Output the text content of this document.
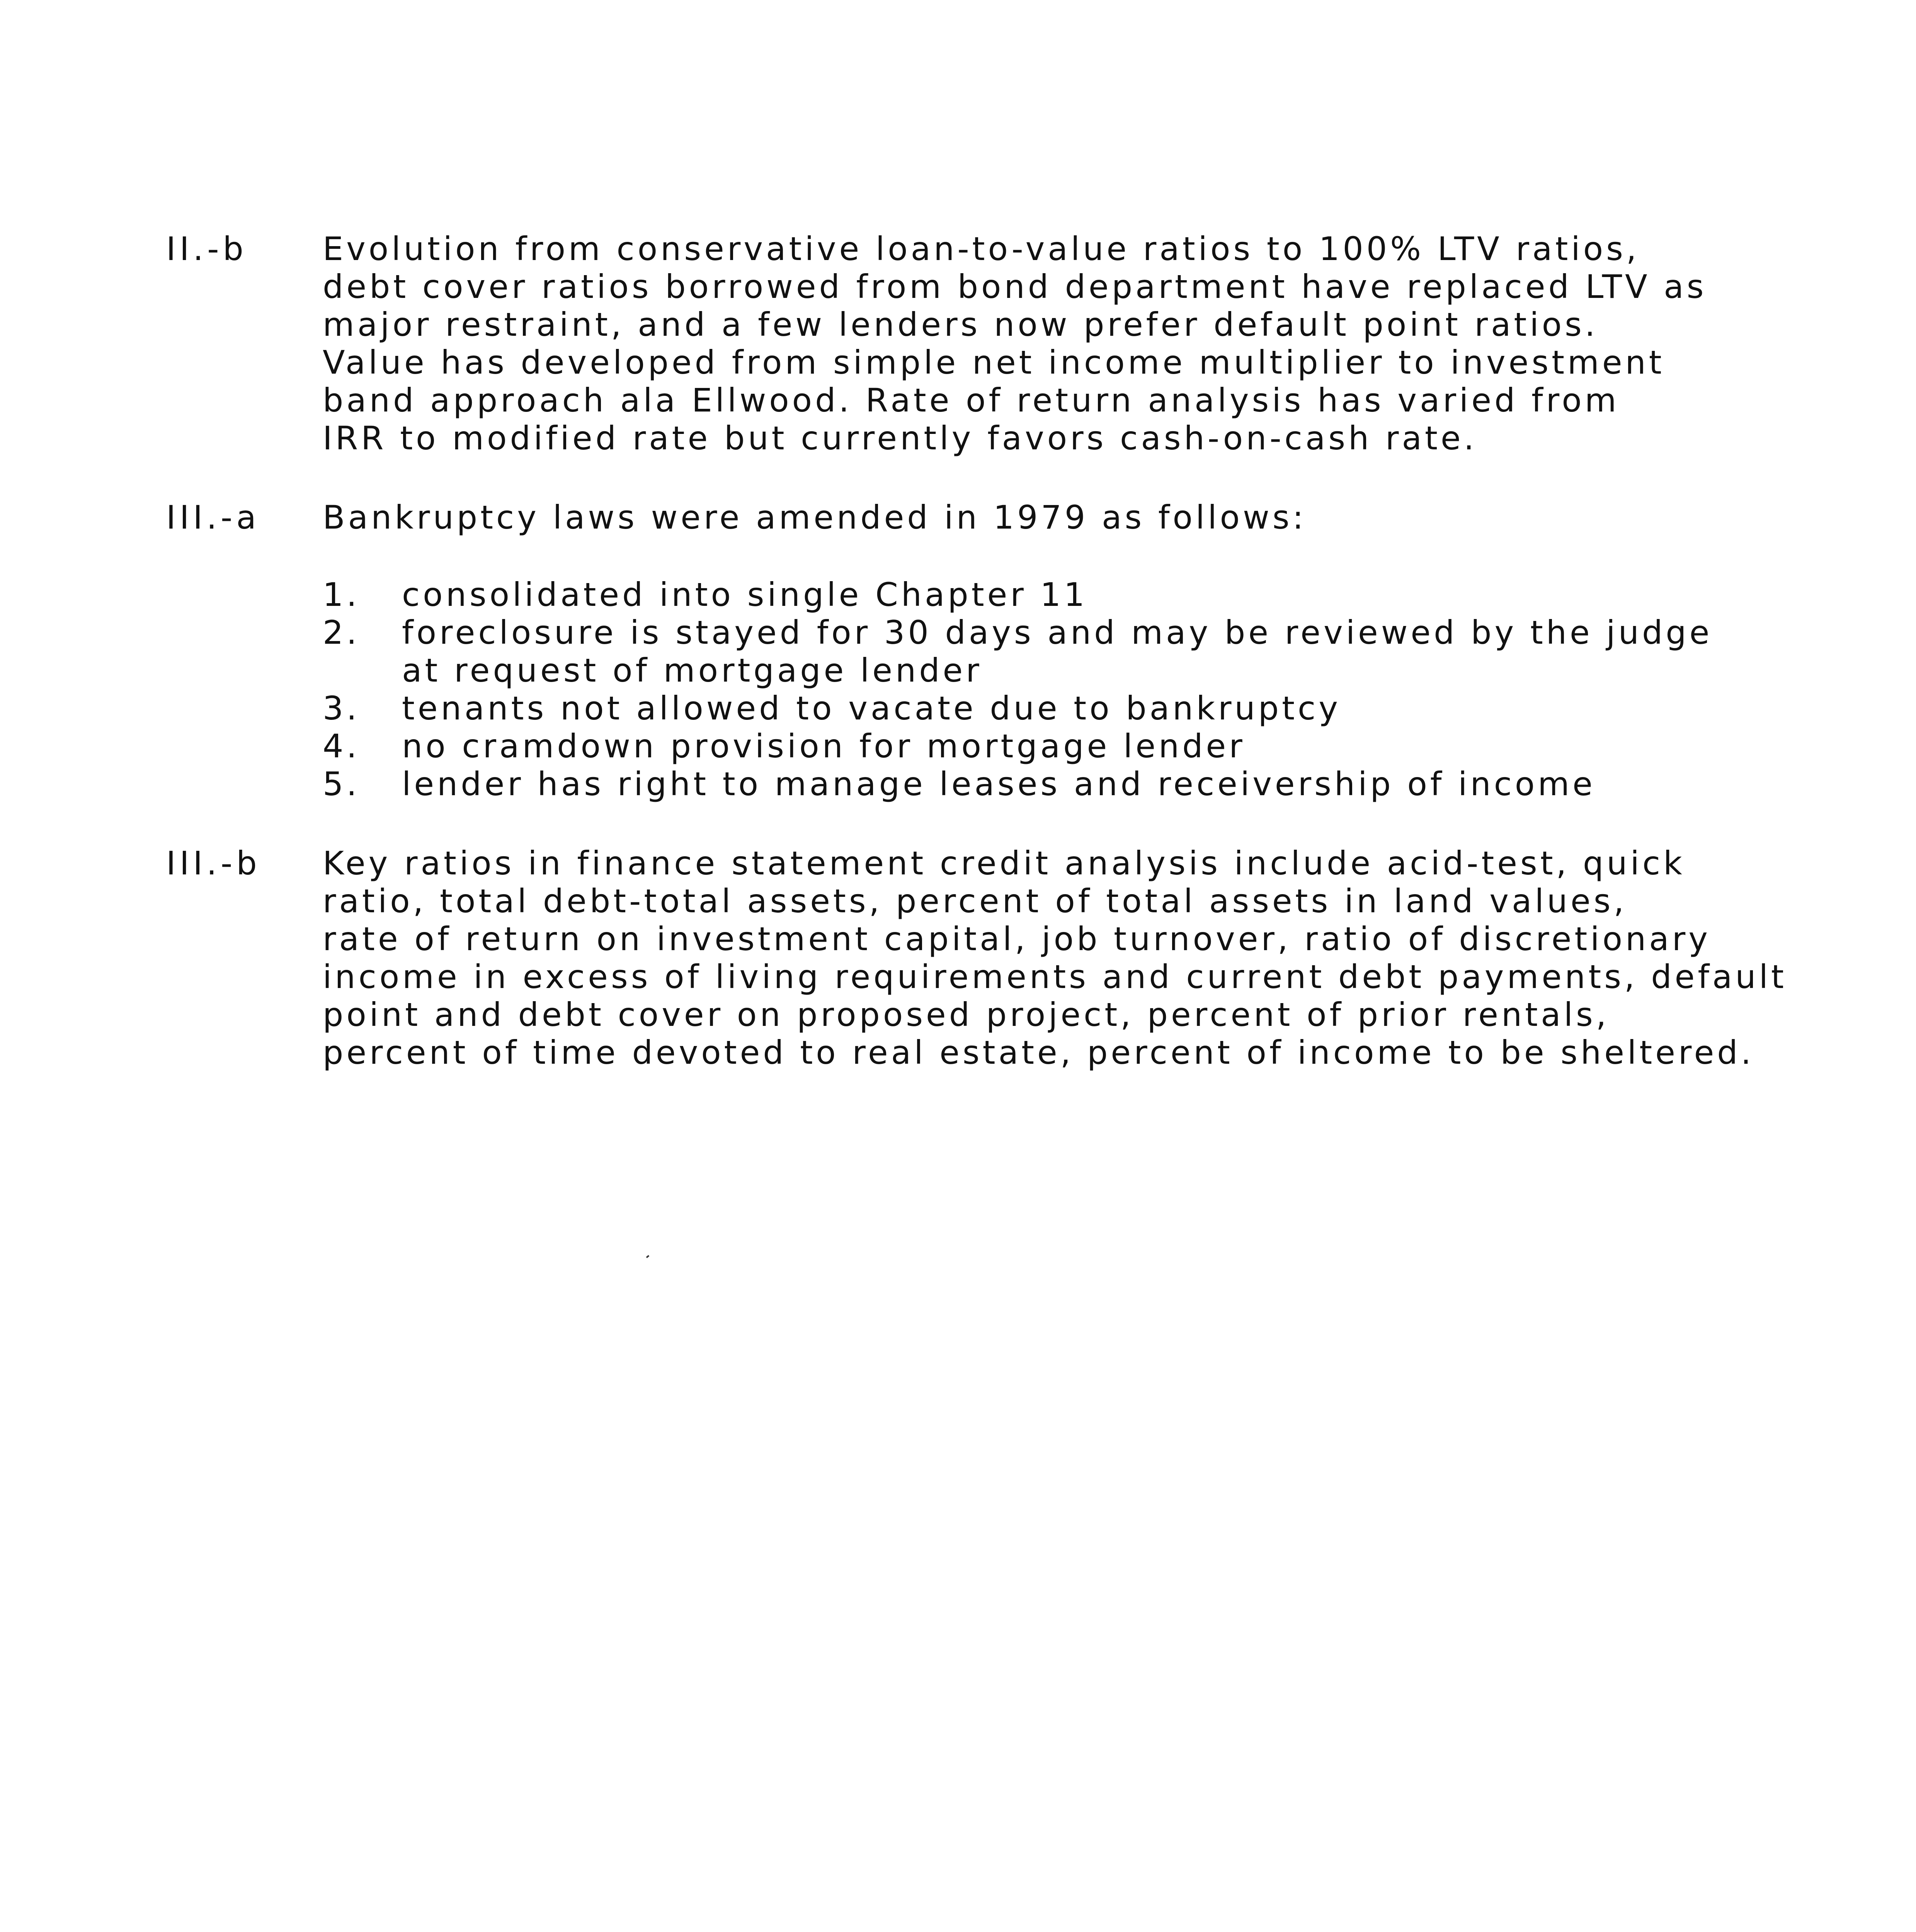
II.-b Evolution from conservative loan-to-value ratios to 100% LTV ratios,
debt cover ratios borrowed from bond department have replaced LTV as
major restraint, and a few lenders now prefer default point ratios.
Value has developed from simple net income multiplier to investment
band approach ala Ellwood. Rate of return analysis has varied from
IRR to modified rate but currently favors cash-on-cash rate.
III.-a Bankruptcy laws were amended in 1979 as follows:
1. consolidated into single Chapter 11
2. foreclosure is stayed for 30 days and may be reviewed by the judge
at request of mortgage lender
3. tenants not allowed to vacate due to bankruptcy
4. no cramdown provision for mortgage lender
5. lender has right to manage leases and receivership of income
III.-b Key ratios in finance statement credit analysis include acid-test, quick
ratio, total debt-total assets, percent of total assets in land values,
rate of return on investment capital, job turnover, ratio of discretionary
income in excess of living requirements and current debt payments, default
point and debt cover on proposed project, percent of prior rentals,
percent of time devoted to real estate, percent of income to be sheltered.
